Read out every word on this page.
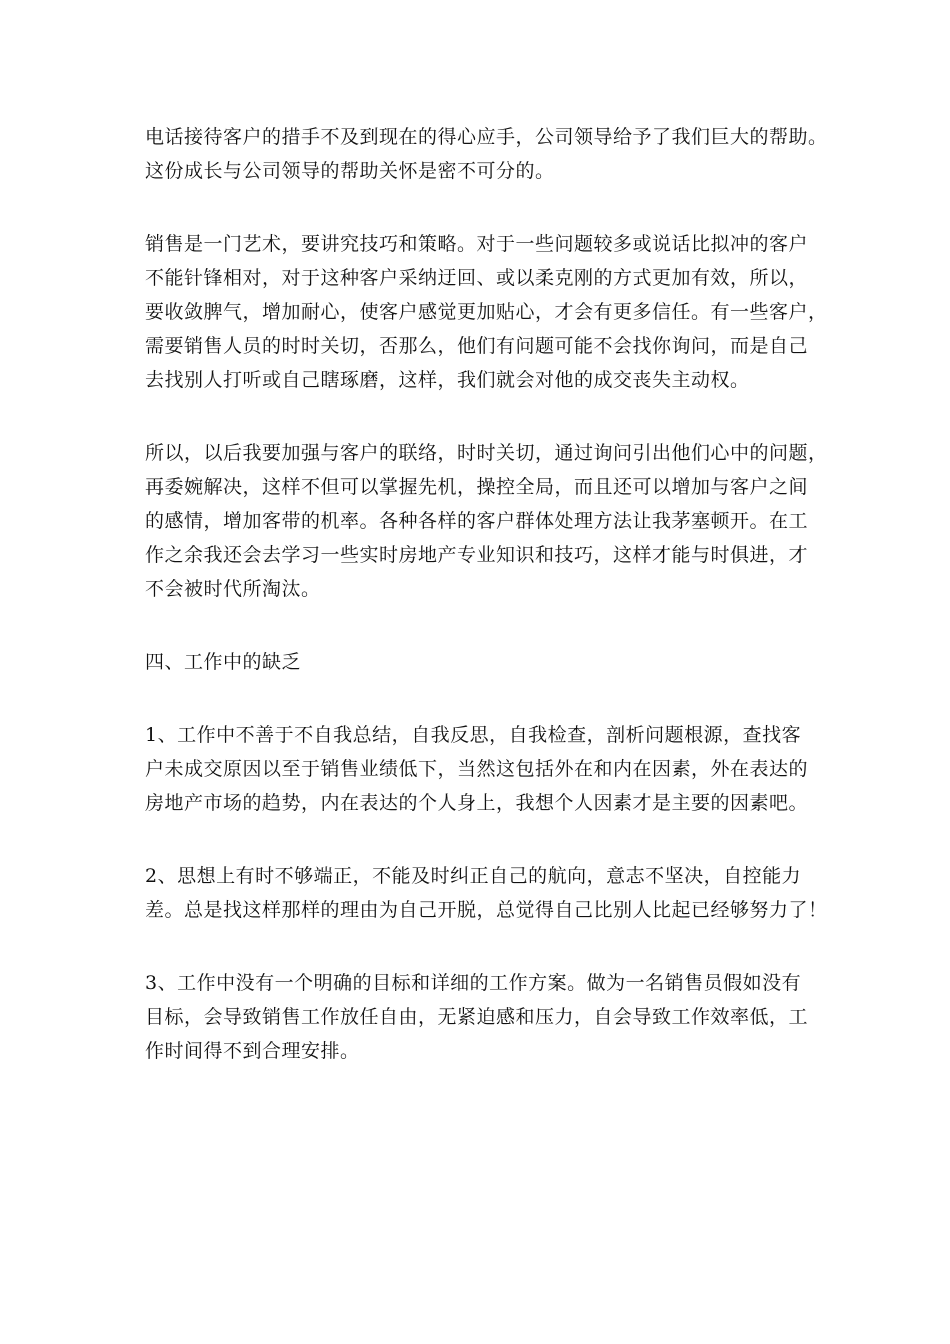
电话接待客户的措手不及到现在的得心应手，公司领导给予了我们巨大的帮助。
这份成长与公司领导的帮助关怀是密不可分的。
销售是一门艺术，要讲究技巧和策略。对于一些问题较多或说话比拟冲的客户
不能针锋相对，对于这种客户采纳迂回、或以柔克刚的方式更加有效，所以，
要收敛脾气，增加耐心，使客户感觉更加贴心，才会有更多信任。有一些客户，
需要销售人员的时时关切，否那么，他们有问题可能不会找你询问，而是自己
去找别人打听或自己瞎琢磨，这样，我们就会对他的成交丧失主动权。
所以，以后我要加强与客户的联络，时时关切，通过询问引出他们心中的问题，
再委婉解决，这样不但可以掌握先机，操控全局，而且还可以增加与客户之间
的感情，增加客带的机率。各种各样的客户群体处理方法让我茅塞顿开。在工
作之余我还会去学习一些实时房地产专业知识和技巧，这样才能与时俱进，才
不会被时代所淘汰。
四、工作中的缺乏
1、工作中不善于不自我总结，自我反思，自我检查，剖析问题根源，查找客
户未成交原因以至于销售业绩低下，当然这包括外在和内在因素，外在表达的
房地产市场的趋势，内在表达的个人身上，我想个人因素才是主要的因素吧。
2、思想上有时不够端正，不能及时纠正自己的航向，意志不坚决，自控能力
差。总是找这样那样的理由为自己开脱，总觉得自己比别人比起已经够努力了！
3、工作中没有一个明确的目标和详细的工作方案。做为一名销售员假如没有
目标，会导致销售工作放任自由，无紧迫感和压力，自会导致工作效率低，工
作时间得不到合理安排。
